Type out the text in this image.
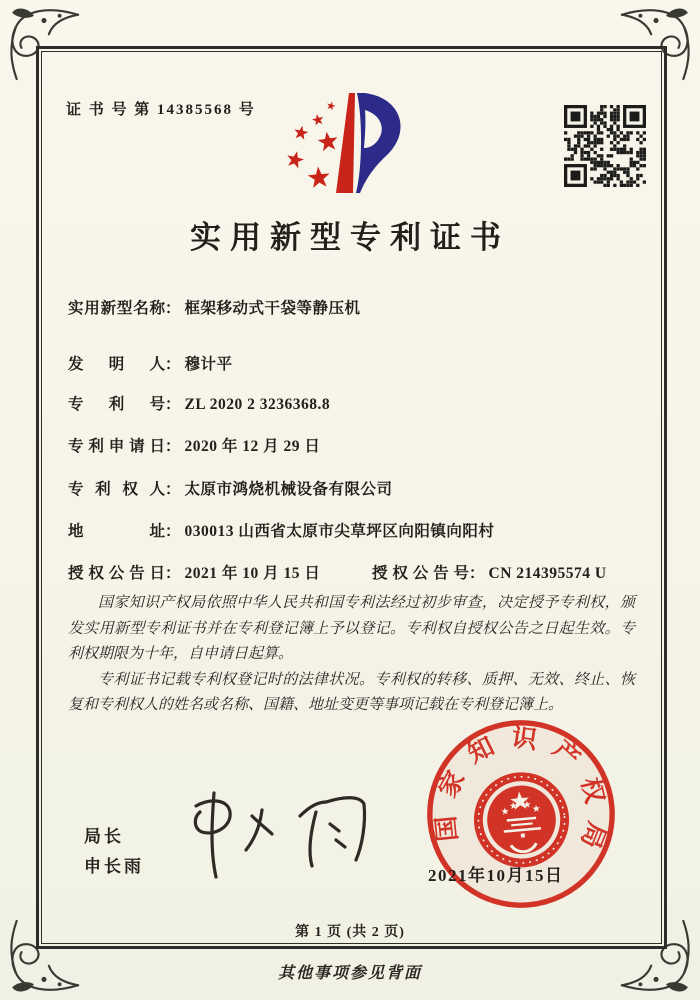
证 书 号 第 14385568 号
实用新型专利证书
实用新型名称： 框架移动式干袋等静压机
发明人： 穆计平
专利号： ZL 2020 2 3236368.8
专利申请日： 2020 年 12 月 29 日
专利权人： 太原市鸿烧机械设备有限公司
地址： 030013 山西省太原市尖草坪区向阳镇向阳村
授权公告日： 2021 年 10 月 15 日	授权公告号： CN 214395574 U

国家知识产权局依照中华人民共和国专利法经过初步审查，决定授予专利权，颁发实用新型专利证书并在专利登记簿上予以登记。专利权自授权公告之日起生效。专利权期限为十年，自申请日起算。

专利证书记载专利权登记时的法律状况。专利权的转移、质押、无效、终止、恢复和专利权人的姓名或名称、国籍、地址变更等事项记载在专利登记簿上。

局长
申长雨
国家知识产权局
2021年10月15日
第 1 页 (共 2 页)
其他事项参见背面
